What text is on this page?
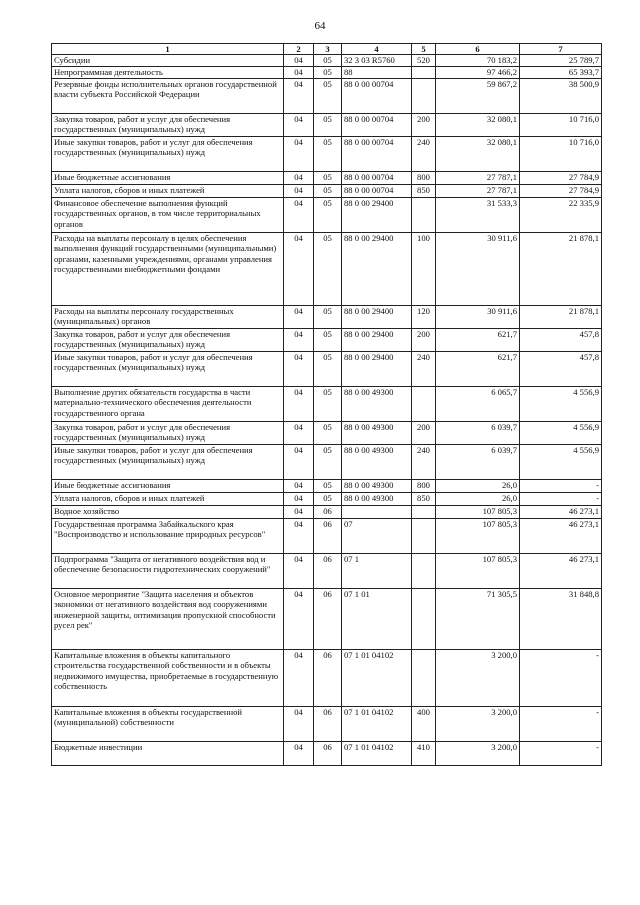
64
1	2	3	4	5	6	7
Субсидии	04	05	32 3 03 R5760	520	70 183,2	25 789,7
Непрограммная деятельность	04	05	88		97 466,2	65 393,7
Резервные фонды исполнительных органов государственной власти субъекта Российской Федерации	04	05	88 0 00 00704		59 867,2	38 500,9
Закупка товаров, работ и услуг для обеспечения государственных (муниципальных) нужд	04	05	88 0 00 00704	200	32 080,1	10 716,0
Иные закупки товаров, работ и услуг для обеспечения государственных (муниципальных) нужд	04	05	88 0 00 00704	240	32 080,1	10 716,0
Иные бюджетные ассигнования	04	05	88 0 00 00704	800	27 787,1	27 784,9
Уплата налогов, сборов и иных платежей	04	05	88 0 00 00704	850	27 787,1	27 784,9
Финансовое обеспечение выполнения функций государственных органов, в том числе территориальных органов	04	05	88 0 00 29400		31 533,3	22 335,9
Расходы на выплаты персоналу в целях обеспечения выполнения функций государственными (муниципальными) органами, казенными учреждениями, органами управления государственными внебюджетными фондами	04	05	88 0 00 29400	100	30 911,6	21 878,1
Расходы на выплаты персоналу государственных (муниципальных) органов	04	05	88 0 00 29400	120	30 911,6	21 878,1
Закупка товаров, работ и услуг для обеспечения государственных (муниципальных) нужд	04	05	88 0 00 29400	200	621,7	457,8
Иные закупки товаров, работ и услуг для обеспечения государственных (муниципальных) нужд	04	05	88 0 00 29400	240	621,7	457,8
Выполнение других обязательств государства в части материально-технического обеспечения деятельности государственного органа	04	05	88 0 00 49300		6 065,7	4 556,9
Закупка товаров, работ и услуг для обеспечения государственных (муниципальных) нужд	04	05	88 0 00 49300	200	6 039,7	4 556,9
Иные закупки товаров, работ и услуг для обеспечения государственных (муниципальных) нужд	04	05	88 0 00 49300	240	6 039,7	4 556,9
Иные бюджетные ассигнования	04	05	88 0 00 49300	800	26,0	-
Уплата налогов, сборов и иных платежей	04	05	88 0 00 49300	850	26,0	-
Водное хозяйство	04	06			107 805,3	46 273,1
Государственная программа Забайкальского края "Воспроизводство и использование природных ресурсов"	04	06	07		107 805,3	46 273,1
Подпрограмма "Защита от негативного воздействия вод и обеспечение безопасности гидротехнических сооружений"	04	06	07 1		107 805,3	46 273,1
Основное мероприятие "Защита населения и объектов экономики от негативного воздействия вод сооружениями инженерной защиты, оптимизация пропускной способности русел рек"	04	06	07 1 01		71 305,5	31 848,8
Капитальные вложения в объекты капитального строительства государственной собственности и в объекты недвижимого имущества, приобретаемые в государственную собственность	04	06	07 1 01 04102		3 200,0	-
Капитальные вложения в объекты государственной (муниципальной) собственности	04	06	07 1 01 04102	400	3 200,0	-
Бюджетные инвестиции	04	06	07 1 01 04102	410	3 200,0	-
